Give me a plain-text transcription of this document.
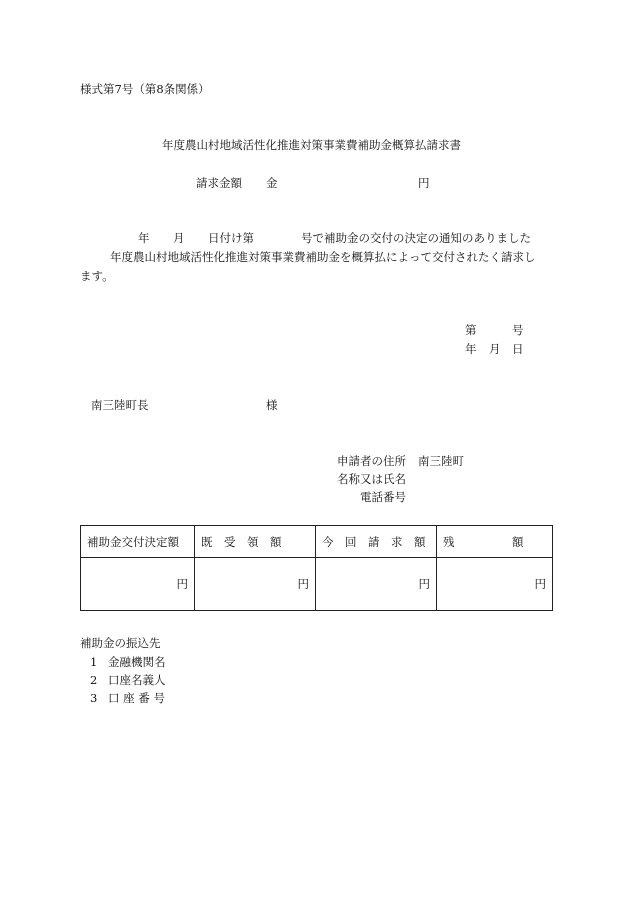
様式第7号（第8条関係）
年度農山村地域活性化推進対策事業費補助金概算払請求書
請求金額 金	円
年 月 日付け第	号で補助金の交付の決定の通知のありました
年度農山村地域活性化推進対策事業費補助金を概算払によって交付されたく請求し
ます。
第	号
年 月 日
南三陸町長	様
申請者の住所 南三陸町
名称又は氏名
電話番号
補助金交付決定額	既　受　領　額	今　回　請　求　額	残　　　　　額
円	円	円	円
補助金の振込先
1 金融機関名
2 口座名義人
3 口 座 番 号
